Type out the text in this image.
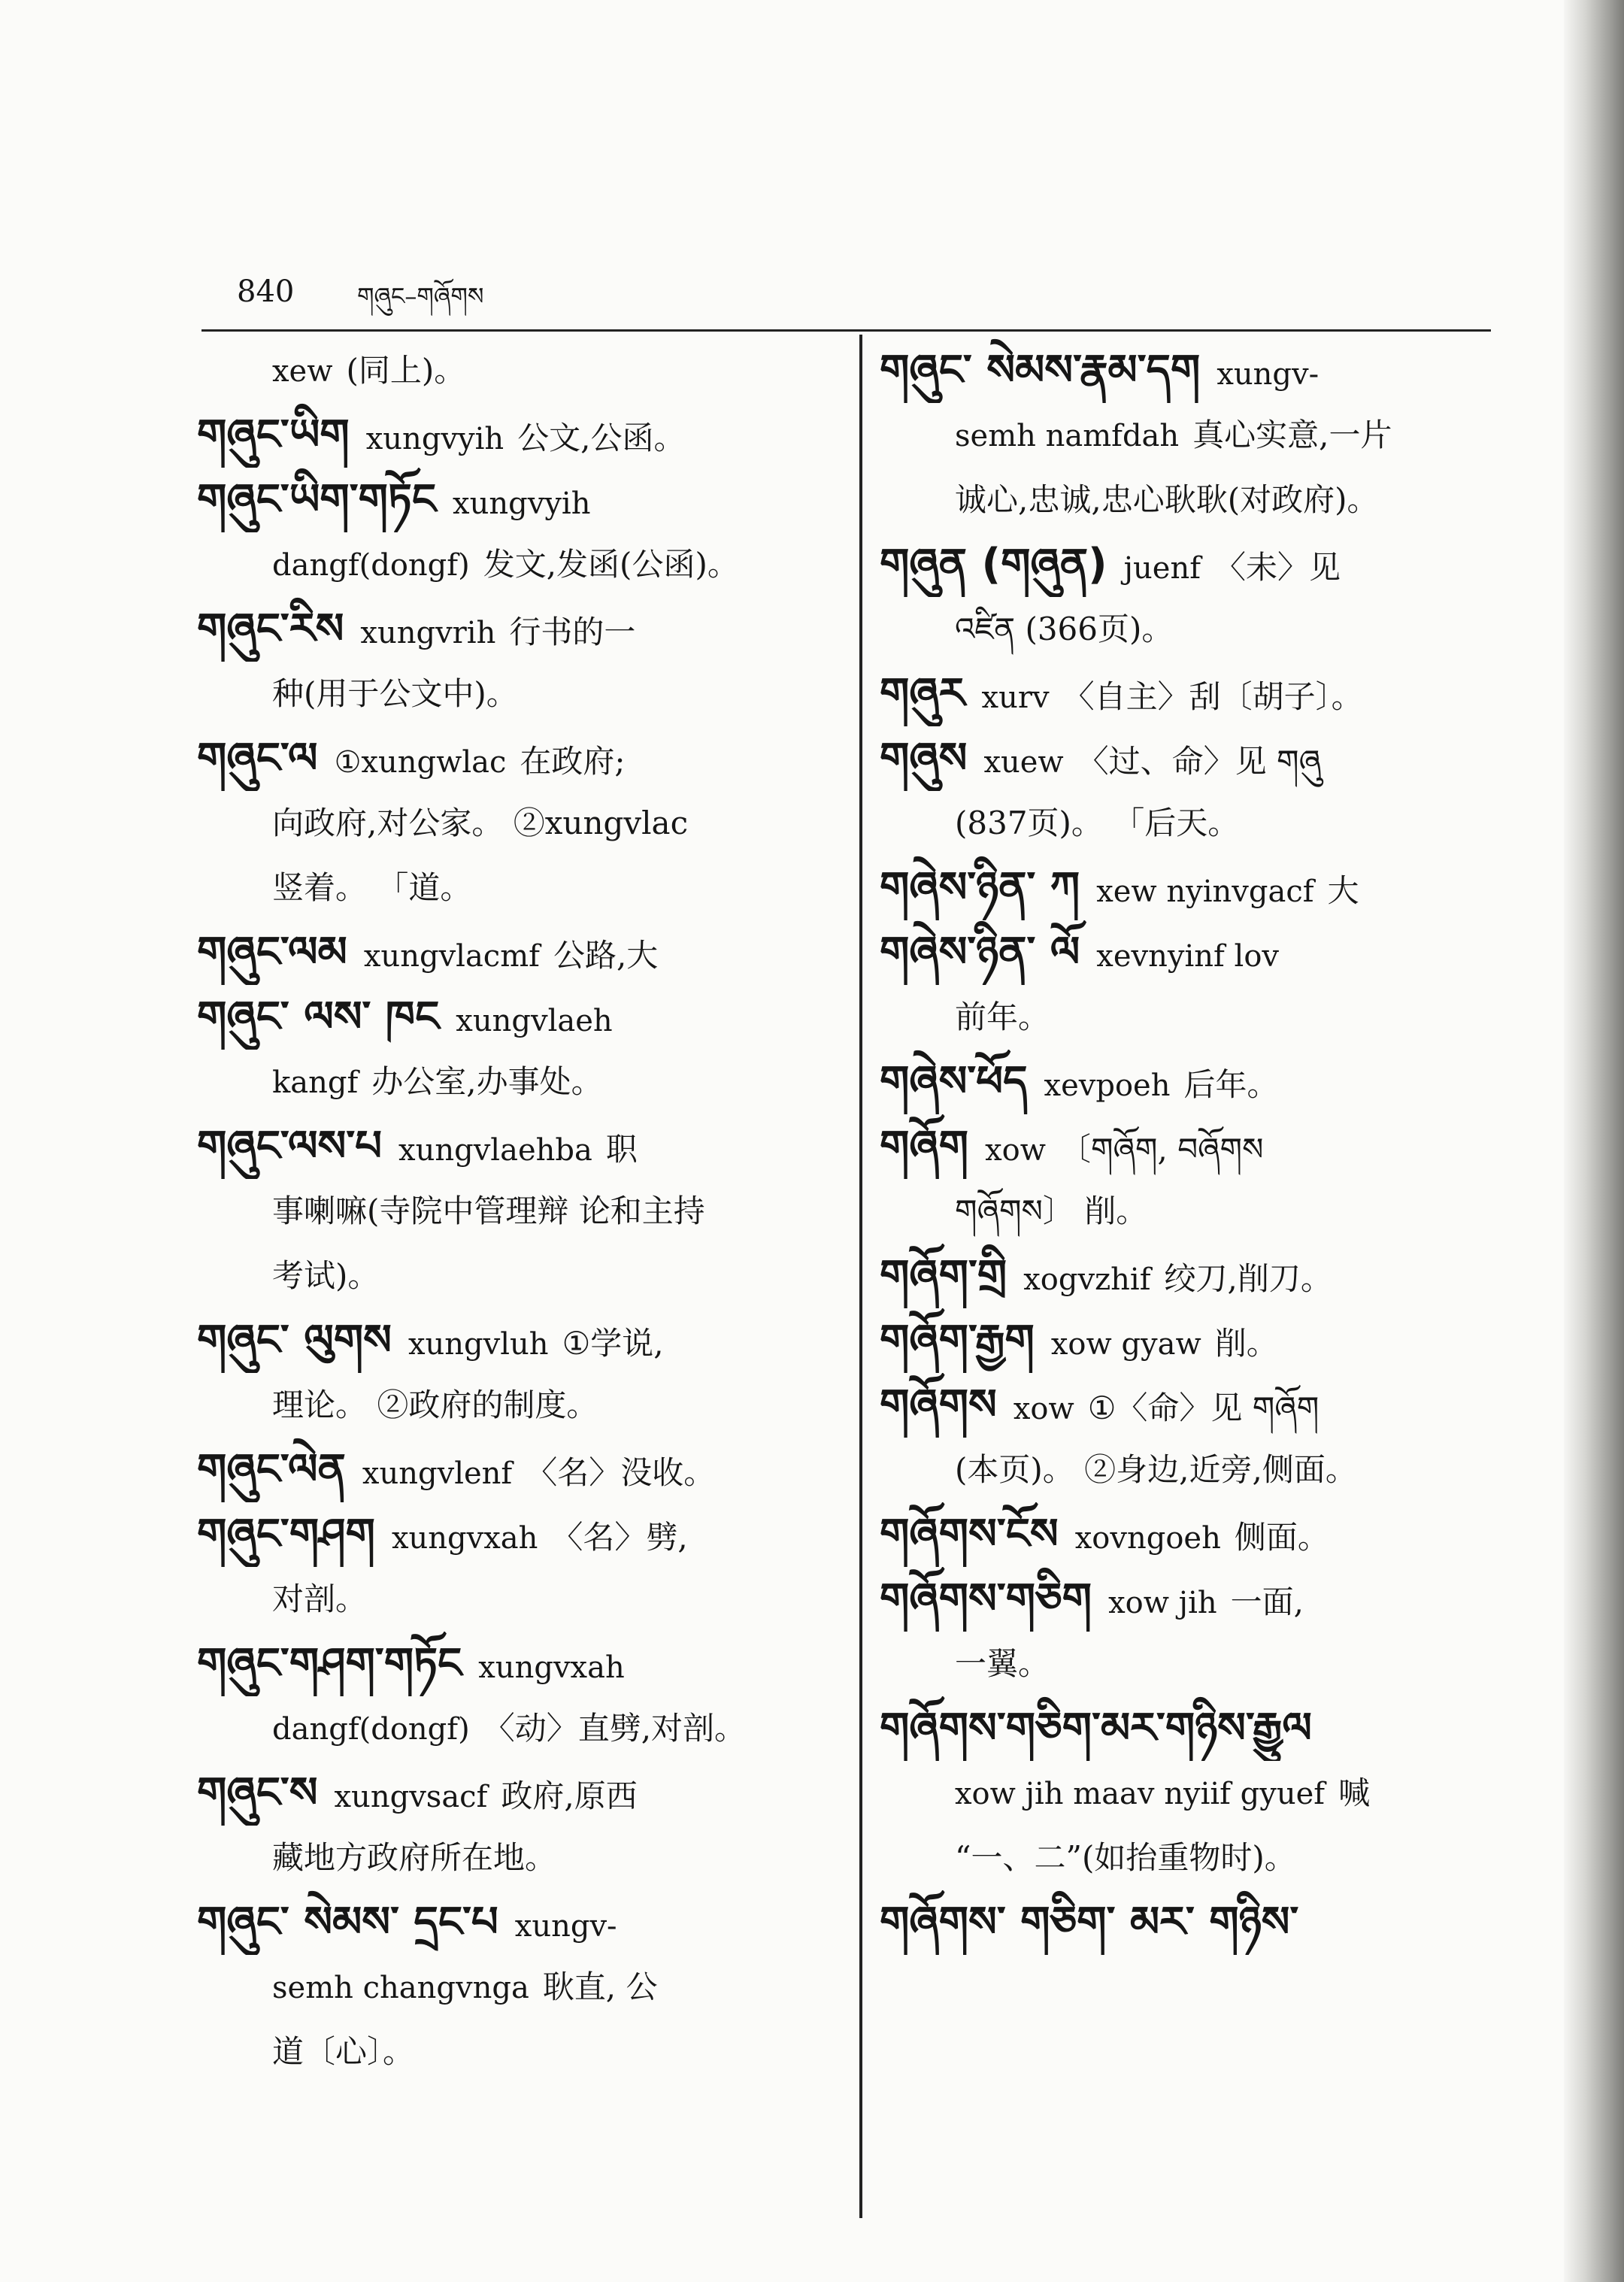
840	གཞུང–གཞོགས
xew (同上)。
གཞུང་ཡིག xungvyih 公文,公函。
གཞུང་ཡིག་གཏོང xungvyih
dangf(dongf) 发文,发函(公函)。
གཞུང་རིས xungvrih 行书的一
种(用于公文中)。
གཞུང་ལ ①xungwlac 在政府;
向政府,对公家。 ②xungvlac
竖着。 「道。
གཞུང་ལམ xungvlacmf 公路,大
གཞུང་ ལས་ ཁང xungvlaeh
kangf 办公室,办事处。
གཞུང་ལས་པ xungvlaehba 职
事喇嘛(寺院中管理辩 论和主持
考试)。
གཞུང་ ལུགས xungvluh ①学说,
理论。 ②政府的制度。
གཞུང་ལེན xungvlenf 〈名〉没收。
གཞུང་གཤག xungvxah 〈名〉劈,
对剖。
གཞུང་གཤག་གཏོང xungvxah
dangf(dongf) 〈动〉直劈,对剖。
གཞུང་ས xungvsacf 政府,原西
藏地方政府所在地。
གཞུང་ སེམས་ དྲང་པ xungv-
semh changvnga 耿直, 公
道〔心〕。
གཞུང་ སེམས་རྣམ་དག xungv-
semh namfdah 真心实意,一片
诚心,忠诚,忠心耿耿(对政府)。
གཞུན (གཞུན) juenf 〈未〉见
འཛིན (366页)。
གཞུར xurv 〈自主〉刮〔胡子〕。
གཞུས xuew 〈过、命〉见 གཞུ
(837页)。 「后天。
གཞེས་ཉིན་ ཀ xew nyinvgacf 大
གཞེས་ཉིན་ ལོ xevnyinf lov
前年。
གཞེས་ཕོད xevpoeh 后年。
གཞོག xow 〔གཞོག, བཞོགས
གཞོགས〕 削。
གཞོག་གྲི xogvzhif 绞刀,削刀。
གཞོག་རྒྱག xow gyaw 削。
གཞོགས xow ①〈命〉见 གཞོག
(本页)。 ②身边,近旁,侧面。
གཞོགས་ངོས xovngoeh 侧面。
གཞོགས་གཅིག xow jih 一面,
一翼。
གཞོགས་གཅིག་མར་གཉིས་རྒྱུལ
xow jih maav nyiif gyuef 喊
“一、二”(如抬重物时)。
གཞོགས་ གཅིག་ མར་ གཉིས་
